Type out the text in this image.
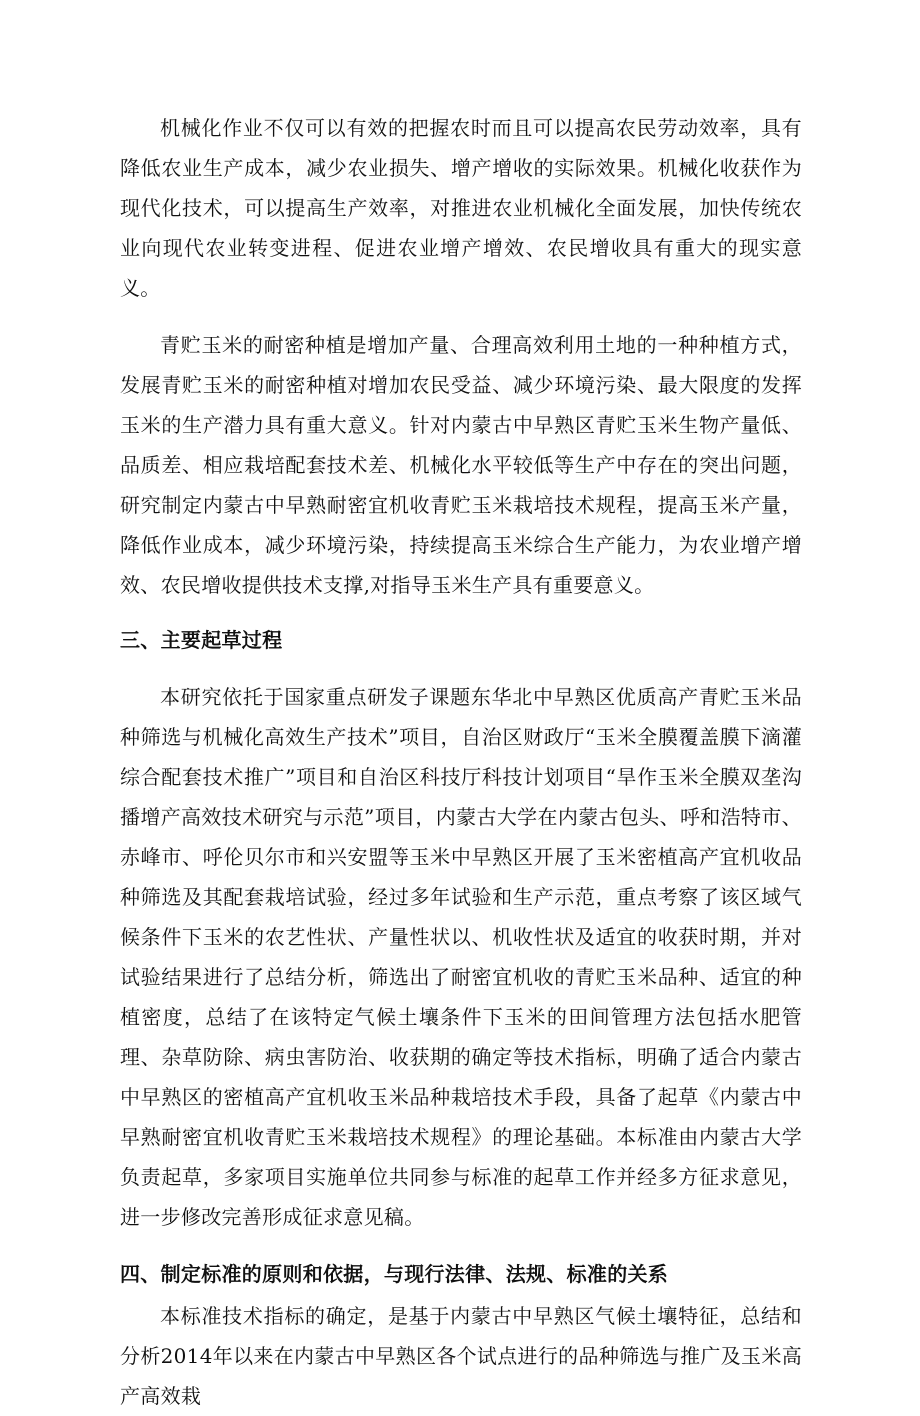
机械化作业不仅可以有效的把握农时而且可以提高农民劳动效率，具有降低农业生产成本，减少农业损失、增产增收的实际效果。机械化收获作为现代化技术，可以提高生产效率，对推进农业机械化全面发展，加快传统农业向现代农业转变进程、促进农业增产增效、农民增收具有重大的现实意义。

青贮玉米的耐密种植是增加产量、合理高效利用土地的一种种植方式，发展青贮玉米的耐密种植对增加农民受益、减少环境污染、最大限度的发挥玉米的生产潜力具有重大意义。针对内蒙古中早熟区青贮玉米生物产量低、品质差、相应栽培配套技术差、机械化水平较低等生产中存在的突出问题，研究制定内蒙古中早熟耐密宜机收青贮玉米栽培技术规程，提高玉米产量，降低作业成本，减少环境污染，持续提高玉米综合生产能力，为农业增产增效、农民增收提供技术支撑,对指导玉米生产具有重要意义。

三、主要起草过程

本研究依托于国家重点研发子课题东华北中早熟区优质高产青贮玉米品种筛选与机械化高效生产技术”项目，自治区财政厅“玉米全膜覆盖膜下滴灌综合配套技术推广”项目和自治区科技厅科技计划项目“旱作玉米全膜双垄沟播增产高效技术研究与示范”项目，内蒙古大学在内蒙古包头、呼和浩特市、赤峰市、呼伦贝尔市和兴安盟等玉米中早熟区开展了玉米密植高产宜机收品种筛选及其配套栽培试验，经过多年试验和生产示范，重点考察了该区域气候条件下玉米的农艺性状、产量性状以、机收性状及适宜的收获时期，并对试验结果进行了总结分析，筛选出了耐密宜机收的青贮玉米品种、适宜的种植密度，总结了在该特定气候土壤条件下玉米的田间管理方法包括水肥管理、杂草防除、病虫害防治、收获期的确定等技术指标，明确了适合内蒙古中早熟区的密植高产宜机收玉米品种栽培技术手段，具备了起草《内蒙古中早熟耐密宜机收青贮玉米栽培技术规程》的理论基础。本标准由内蒙古大学负责起草，多家项目实施单位共同参与标准的起草工作并经多方征求意见，进一步修改完善形成征求意见稿。

四、制定标准的原则和依据，与现行法律、法规、标准的关系

本标准技术指标的确定，是基于内蒙古中早熟区气候土壤特征，总结和分析2014年以来在内蒙古中早熟区各个试点进行的品种筛选与推广及玉米高产高效栽
